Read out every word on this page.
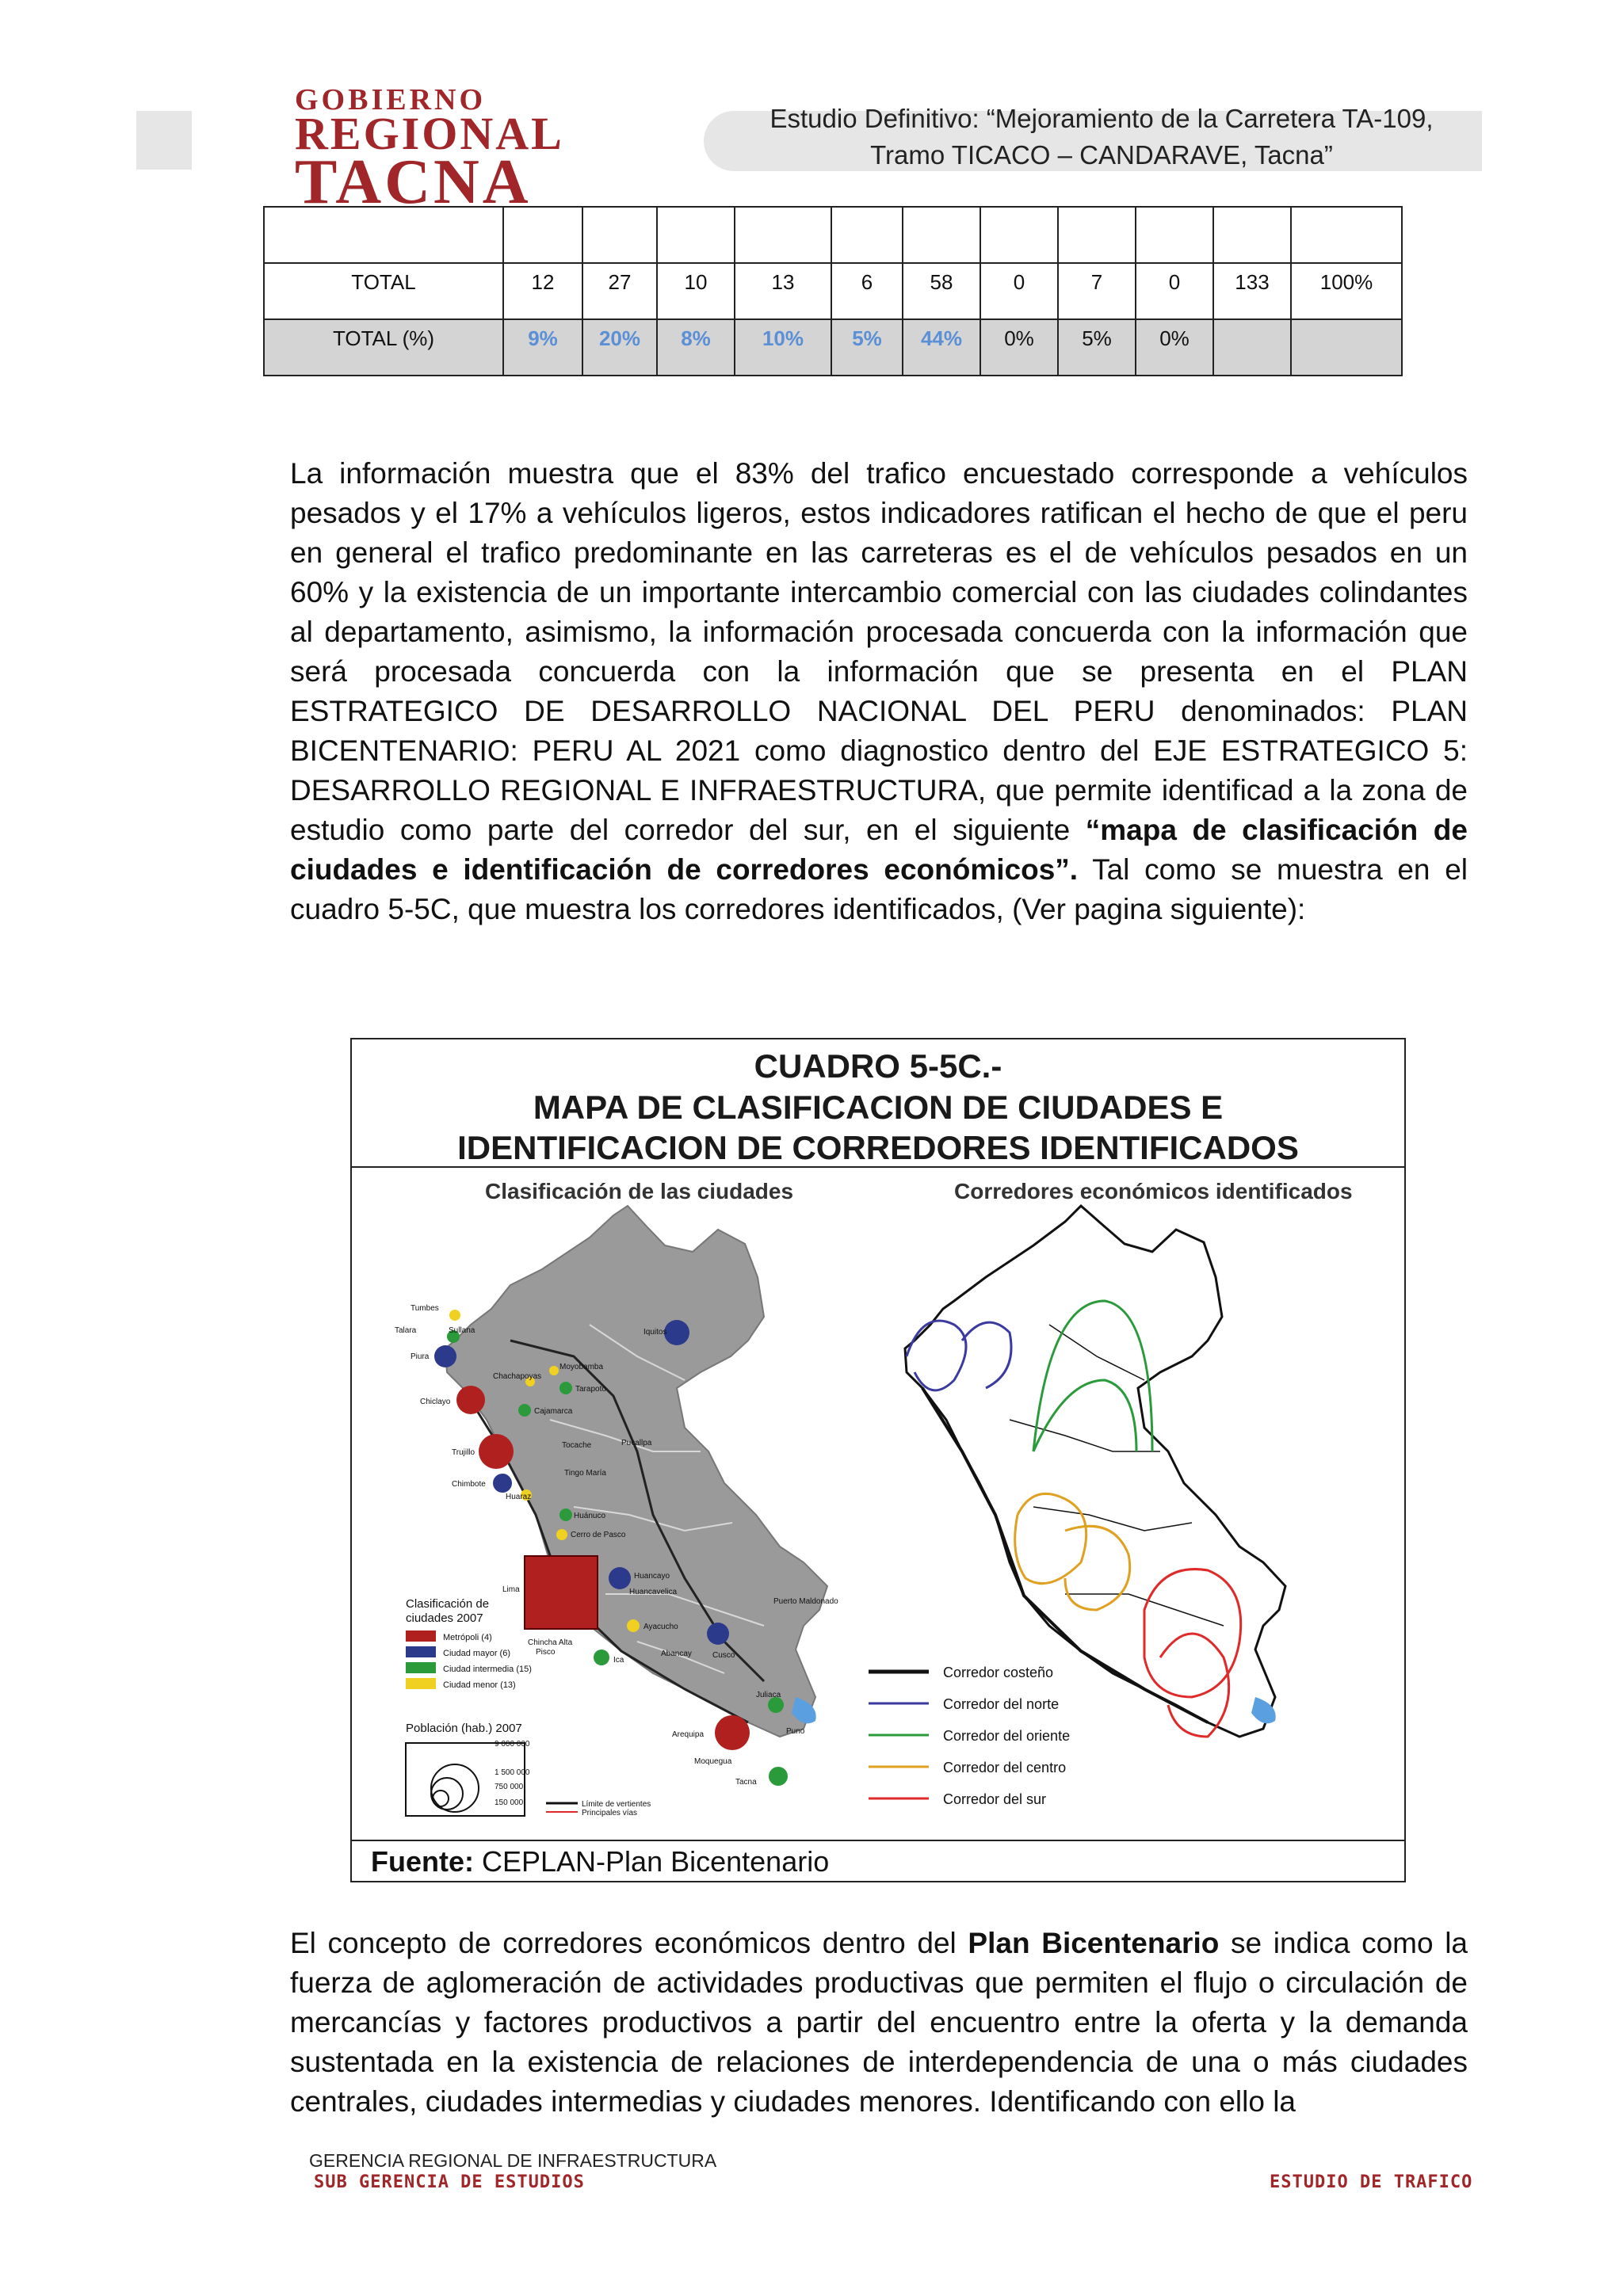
GOBIERNO
REGIONAL
TACNA
Estudio Definitivo: “Mejoramiento de la Carretera TA-109,
Tramo TICACO – CANDARAVE, Tacna”

TOTAL	12	27	10	13	6	58	0	7	0	133	100%
TOTAL (%)	9%	20%	8%	10%	5%	44%	0%	5%	0%		

La información muestra que el 83% del trafico encuestado corresponde a vehículos pesados y el 17% a vehículos ligeros, estos indicadores ratifican el hecho de que el peru en general el trafico predominante en las carreteras es el de vehículos pesados en un 60% y la existencia de un importante intercambio comercial con las ciudades colindantes al departamento, asimismo, la información procesada concuerda con la información que será procesada concuerda con la información que se presenta en el PLAN ESTRATEGICO DE DESARROLLO NACIONAL DEL PERU denominados: PLAN BICENTENARIO: PERU AL 2021 como diagnostico dentro del EJE ESTRATEGICO 5: DESARROLLO REGIONAL E INFRAESTRUCTURA, que permite identificad a la zona de estudio como parte del corredor del sur, en el siguiente “mapa de clasificación de ciudades e identificación de corredores económicos”. Tal como se muestra en el cuadro 5-5C, que muestra los corredores identificados, (Ver pagina siguiente):

CUADRO 5-5C.-
MAPA DE CLASIFICACION DE CIUDADES E
IDENTIFICACION DE CORREDORES IDENTIFICADOS
Clasificación de las ciudades	Corredores económicos identificados
Clasificación de
ciudades 2007
Metrópoli (4)
Ciudad mayor (6)
Ciudad intermedia (15)
Ciudad menor (13)
Población (hab.) 2007
9 000 000
1 500 000
750 000
150 000	Límite de vertientes
Principales vías
Tumbes
Talara	Sullana
Piura
Chiclayo
Trujillo
Chimbote
Huaraz
Lima
Chachapoyas
Moyobamba
Tarapoto
Cajamarca
Tocache	Pucallpa
Tingo María
Huánuco
Cerro de Pasco
Iquitos
Huancayo
Huancavelica
Ayacucho
Abancay	Cusco
Chincha Alta
Pisco
Ica
Puerto Maldonado
Juliaca
Puno
Arequipa
Moquegua
Tacna
Corredor costeño
Corredor del norte
Corredor del oriente
Corredor del centro
Corredor del sur
Fuente: CEPLAN-Plan Bicentenario

El concepto de corredores económicos dentro del Plan Bicentenario se indica como la fuerza de aglomeración de actividades productivas que permiten el flujo o circulación de mercancías y factores productivos a partir del encuentro entre la oferta y la demanda sustentada en la existencia de relaciones de interdependencia de una o más ciudades centrales, ciudades intermedias y ciudades menores. Identificando con ello la

GERENCIA REGIONAL DE INFRAESTRUCTURA
SUB GERENCIA DE ESTUDIOS	ESTUDIO DE TRAFICO
